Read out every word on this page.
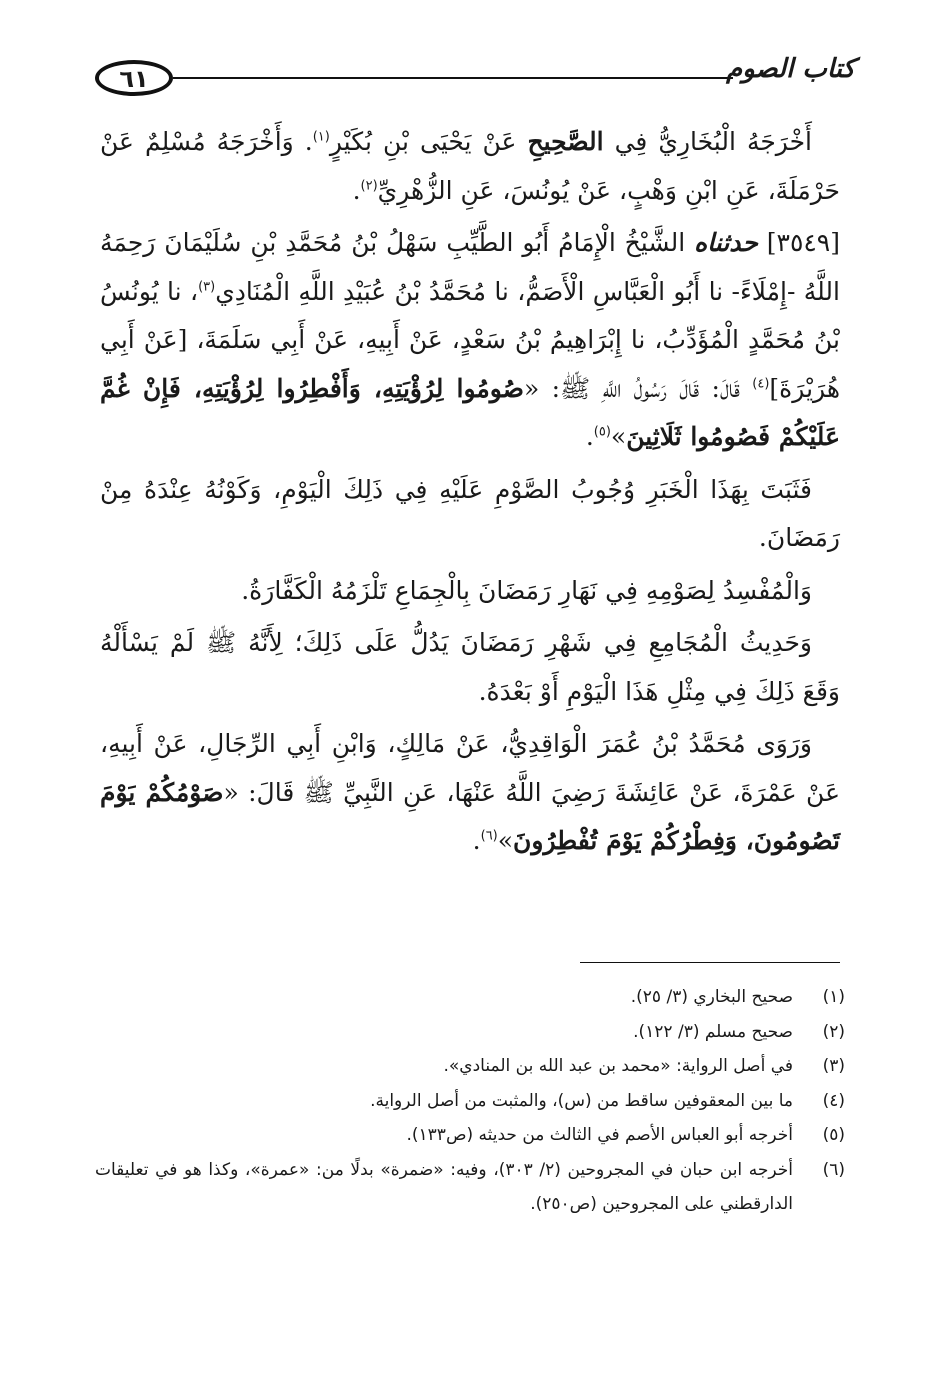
٦١	كتاب الصوم

أَخْرَجَهُ الْبُخَارِيُّ فِي الصَّحِيحِ عَنْ يَحْيَى بْنِ بُكَيْرٍ$^{(١)}$. وَأَخْرَجَهُ مُسْلِمٌ عَنْ حَرْمَلَةَ، عَنِ ابْنِ وَهْبٍ، عَنْ يُونُسَ، عَنِ الزُّهْرِيِّ$^{(٢)}$.

[٣٥٤٩] حدثناه الشَّيْخُ الْإِمَامُ أَبُو الطَّيِّبِ سَهْلُ بْنُ مُحَمَّدِ بْنِ سُلَيْمَانَ رَحِمَهُ اللَّهُ -إِمْلَاءً- نا أَبُو الْعَبَّاسِ الْأَصَمُّ، نا مُحَمَّدُ بْنُ عُبَيْدِ اللَّهِ الْمُنَادِي$^{(٣)}$، نا يُونُسُ بْنُ مُحَمَّدٍ الْمُؤَدِّبُ، نا إِبْرَاهِيمُ بْنُ سَعْدٍ، عَنْ أَبِيهِ، عَنْ أَبِي سَلَمَةَ، [عَنْ أَبِي هُرَيْرَةَ]$^{(٤)}$ قَالَ: قَالَ رَسُولُ اللَّهِ ﷺ: «صُومُوا لِرُؤْيَتِهِ، وَأَفْطِرُوا لِرُؤْيَتِهِ، فَإِنْ غُمَّ عَلَيْكُمْ فَصُومُوا ثَلَاثِينَ»$^{(٥)}$.

فَثَبَتَ بِهَذَا الْخَبَرِ وُجُوبُ الصَّوْمِ عَلَيْهِ فِي ذَلِكَ الْيَوْمِ، وَكَوْنُهُ عِنْدَهُ مِنْ رَمَضَانَ.

وَالْمُفْسِدُ لِصَوْمِهِ فِي نَهَارِ رَمَضَانَ بِالْجِمَاعِ تَلْزَمُهُ الْكَفَّارَةُ.

وَحَدِيثُ الْمُجَامِعِ فِي شَهْرِ رَمَضَانَ يَدُلُّ عَلَى ذَلِكَ؛ لِأَنَّهُ ﷺ لَمْ يَسْأَلْهُ وَقَعَ ذَلِكَ فِي مِثْلِ هَذَا الْيَوْمِ أَوْ بَعْدَهُ.

وَرَوَى مُحَمَّدُ بْنُ عُمَرَ الْوَاقِدِيُّ، عَنْ مَالِكٍ، وَابْنِ أَبِي الرِّجَالِ، عَنْ أَبِيهِ، عَنْ عَمْرَةَ، عَنْ عَائِشَةَ رَضِيَ اللَّهُ عَنْهَا، عَنِ النَّبِيِّ ﷺ قَالَ: «صَوْمُكُمْ يَوْمَ تَصُومُونَ، وَفِطْرُكُمْ يَوْمَ تُفْطِرُونَ»$^{(٦)}$.

(١)
صحيح البخاري (٣/ ٢٥).
(٢)
صحيح مسلم (٣/ ١٢٢).
(٣)
في أصل الرواية: «محمد بن عبد الله بن المنادي».
(٤)
ما بين المعقوفين ساقط من (س)، والمثبت من أصل الرواية.
(٥)
أخرجه أبو العباس الأصم في الثالث من حديثه (ص١٣٣).
(٦)
أخرجه ابن حبان في المجروحين (٢/ ٣٠٣)، وفيه: «ضمرة» بدلًا من: «عمرة»، وكذا هو في تعليقات الدارقطني على المجروحين (ص٢٥٠).
